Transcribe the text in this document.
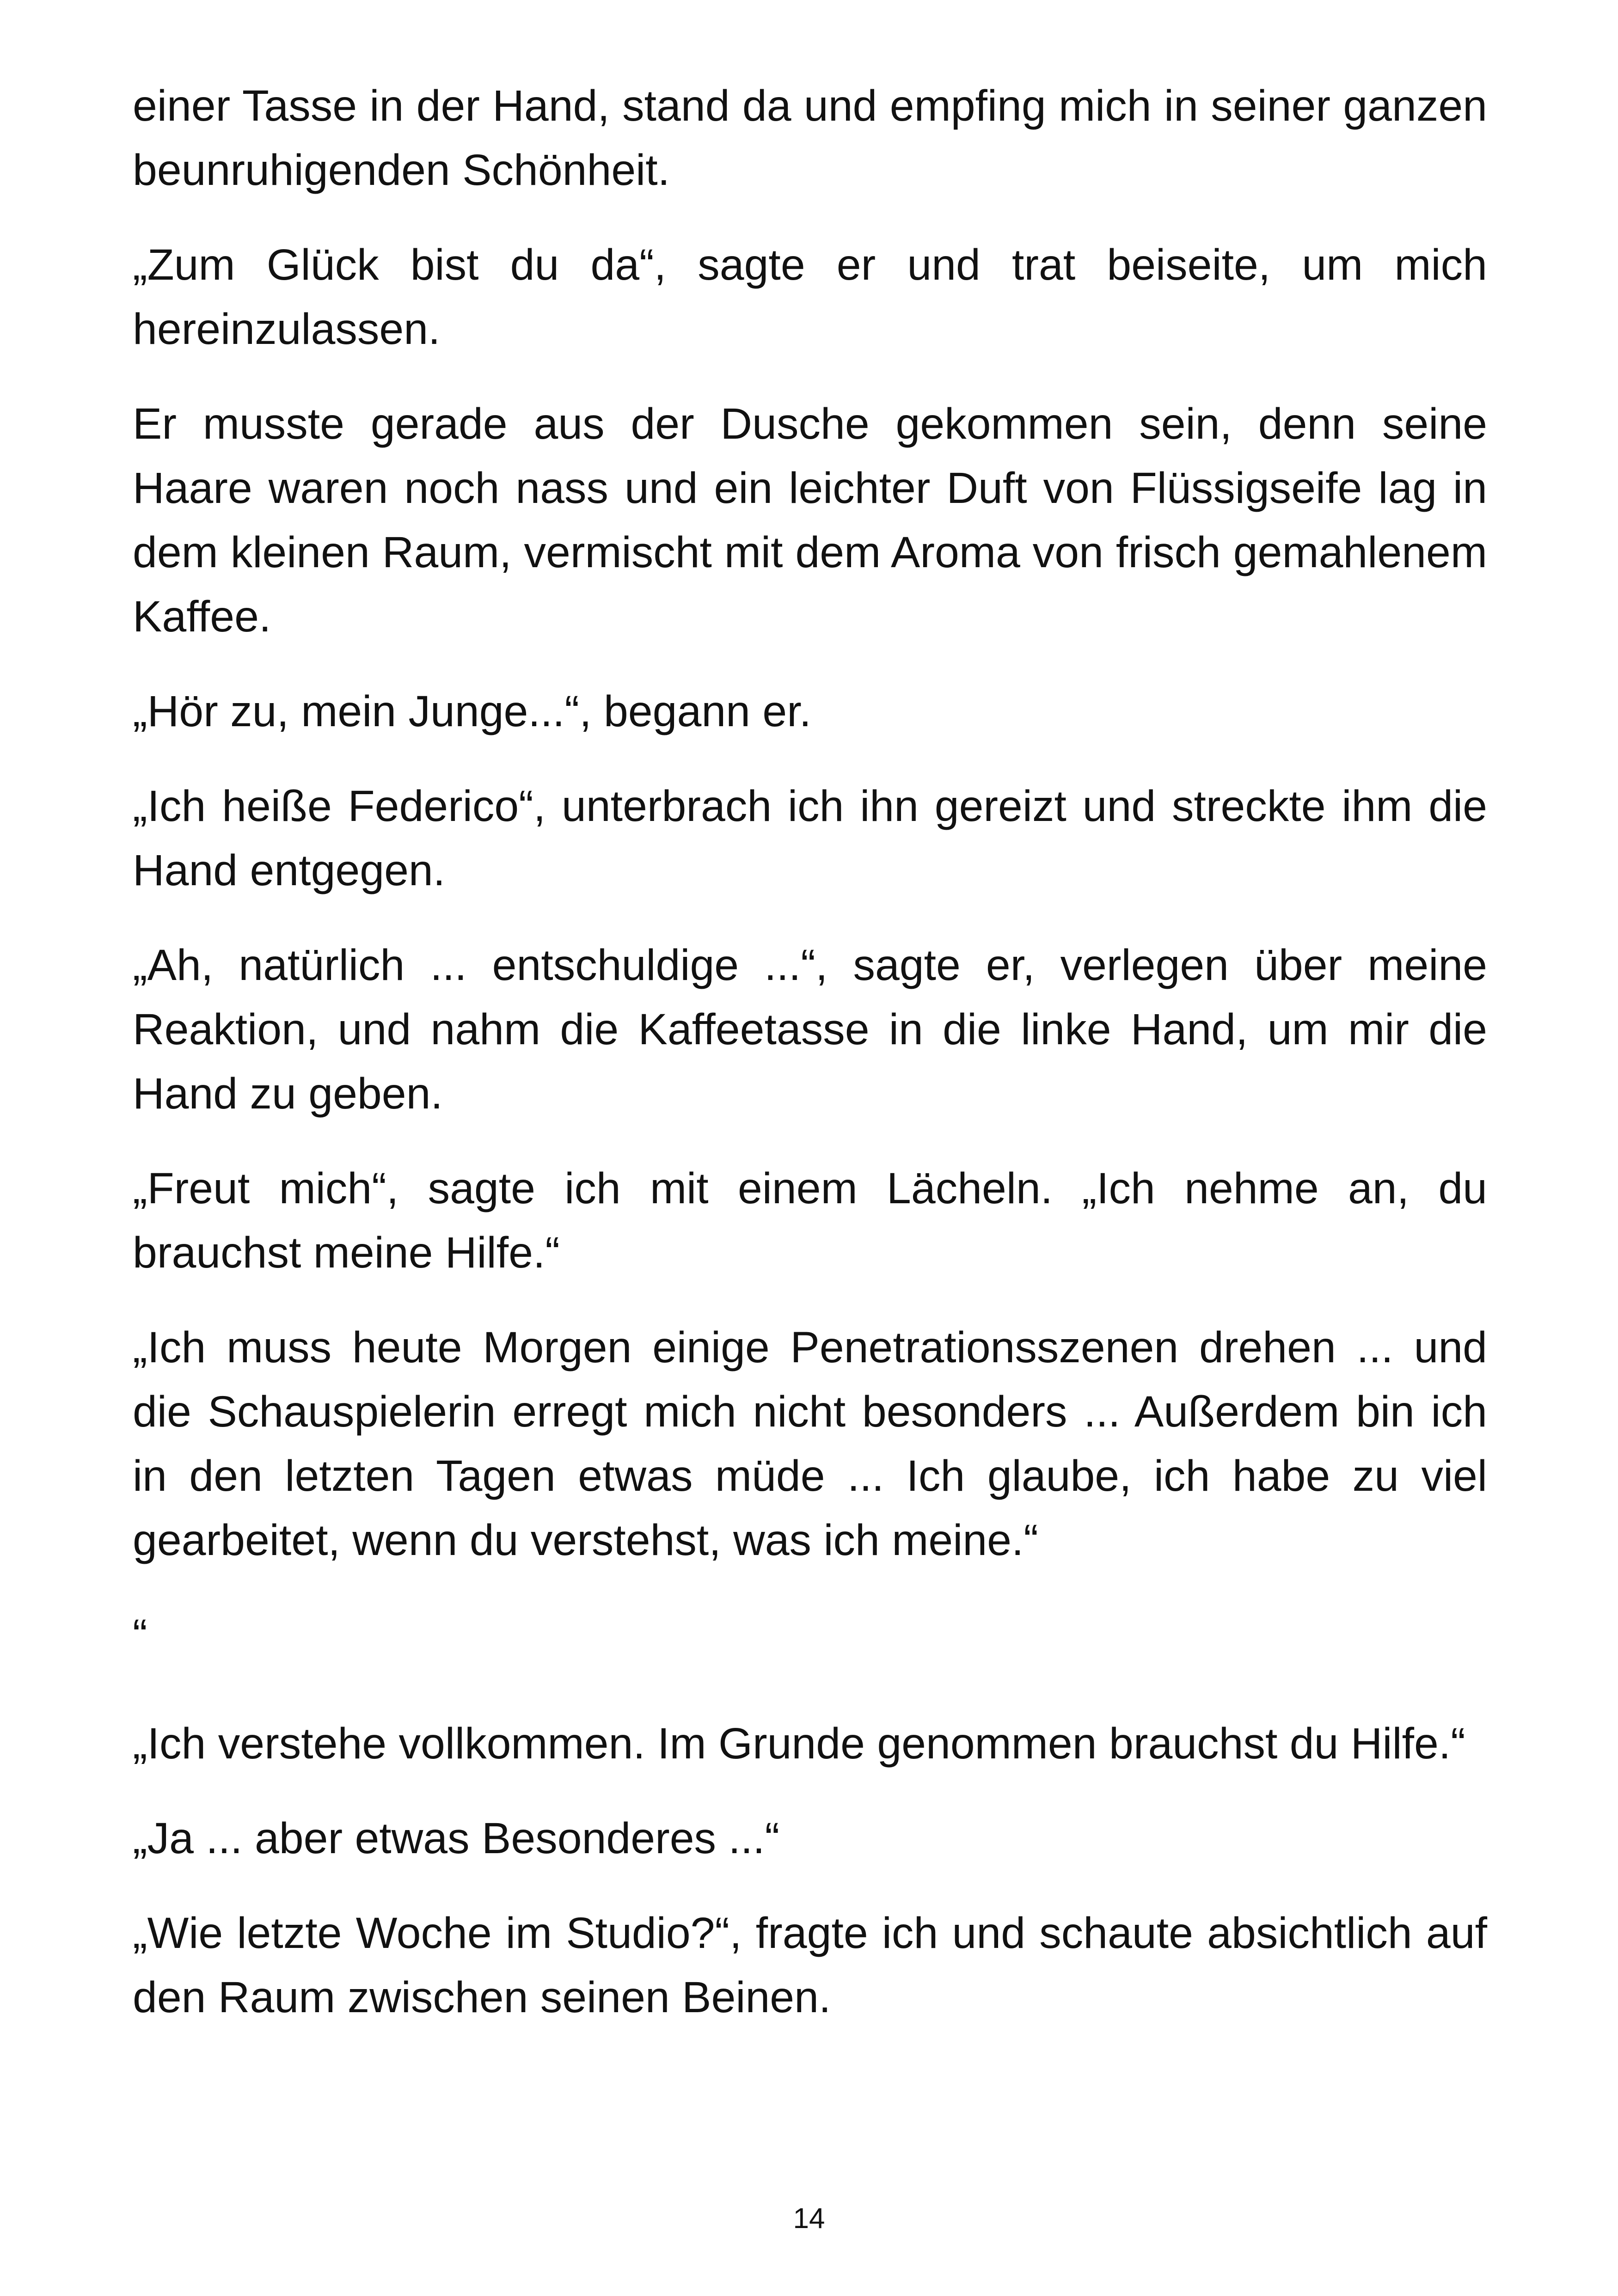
einer Tasse in der Hand, stand da und empfing mich in seiner ganzen beunruhigenden Schönheit.

„Zum Glück bist du da“, sagte er und trat beiseite, um mich hereinzulassen.

Er musste gerade aus der Dusche gekommen sein, denn seine Haare waren noch nass und ein leichter Duft von Flüssigseife lag in dem kleinen Raum, vermischt mit dem Aroma von frisch gemahlenem Kaffee.

„Hör zu, mein Junge...“, begann er.

„Ich heiße Federico“, unterbrach ich ihn gereizt und streckte ihm die Hand entgegen.

„Ah, natürlich ... entschuldige ...“, sagte er, verlegen über meine Reaktion, und nahm die Kaffeetasse in die linke Hand, um mir die Hand zu geben.

„Freut mich“, sagte ich mit einem Lächeln. „Ich nehme an, du brauchst meine Hilfe.“

„Ich muss heute Morgen einige Penetrationsszenen drehen ... und die Schauspielerin erregt mich nicht besonders ... Außerdem bin ich in den letzten Tagen etwas müde ... Ich glaube, ich habe zu viel gearbeitet, wenn du verstehst, was ich meine.“

“

„Ich verstehe vollkommen. Im Grunde genommen brauchst du Hilfe.“

„Ja ... aber etwas Besonderes ...“

„Wie letzte Woche im Studio?“, fragte ich und schaute absichtlich auf den Raum zwischen seinen Beinen.

14
